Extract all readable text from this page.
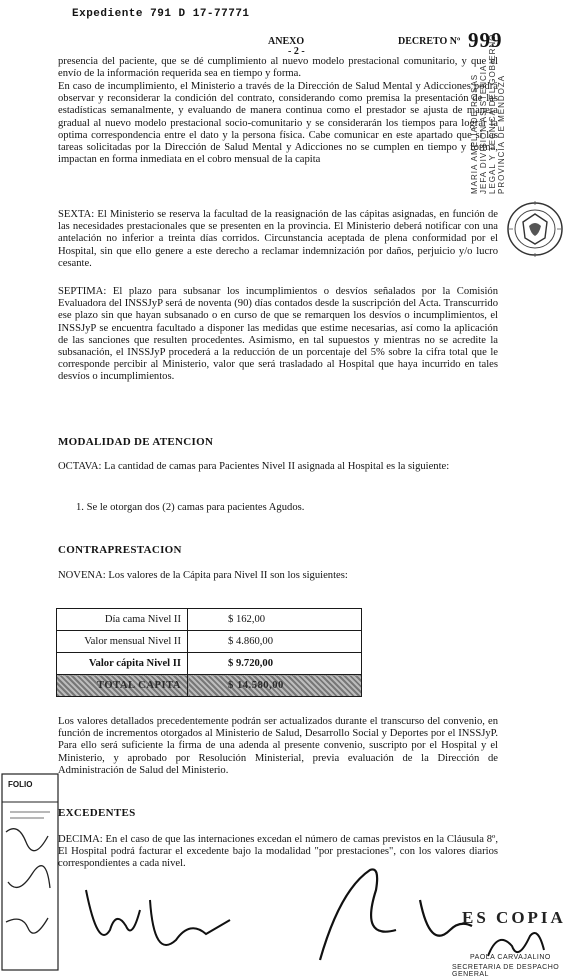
Expediente 791 D 17-77771
ANEXO
- 2 -
DECRETO Nº 999

presencia del paciente, que se dé cumplimiento al nuevo modelo prestacional comunitario, y que el envío de la información requerida sea en tiempo y forma.

En caso de incumplimiento, el Ministerio a través de la Dirección de Salud Mental y Adicciones podrá observar y reconsiderar la condición del contrato, considerando como premisa la presentación de las estadísticas semanalmente, y evaluando de manera continua como el prestador se ajusta de manera gradual al nuevo modelo prestacional socio-comunitario y se considerarán los tiempos para lograr la optima correspondencia entre el dato y la persona física. Cabe comunicar en este apartado que si las tareas solicitadas por la Dirección de Salud Mental y Adicciones no se cumplen en tiempo y forma, impactan en forma inmediata en el cobro mensual de la capita

SEXTA: El Ministerio se reserva la facultad de la reasignación de las cápitas asignadas, en función de las necesidades prestacionales que se presenten en la provincia. El Ministerio deberá notificar con una antelación no inferior a treinta días corridos. Circunstancia aceptada de plena conformidad por el Hospital, sin que ello genere a este derecho a reclamar indemnización por daños, perjuicio y/o lucro cesante.

SEPTIMA: El plazo para subsanar los incumplimientos o desvíos señalados por la Comisión Evaluadora del INSSJyP será de noventa (90) días contados desde la suscripción del Acta. Transcurrido ese plazo sin que hayan subsanado o en curso de que se remarquen los desvíos o incumplimientos, el INSSJyP se encuentra facultado a disponer las medidas que estime necesarias, así como la aplicación de las sanciones que resulten procedentes. Asimismo, en tal supuestos y mientras no se acredite la subsanación, el INSSJyP procederá a la reducción de un porcentaje del 5% sobre la cifra total que le corresponde percibir al Ministerio, valor que será trasladado al Hospital que haya incurrido en tales desvíos o incumplimientos.

MODALIDAD DE ATENCION

OCTAVA: La cantidad de camas para Pacientes Nivel II asignada al Hospital es la siguiente:

1. Se le otorgan dos (2) camas para pacientes Agudos.
CONTRAPRESTACION

NOVENA: Los valores de la Cápita para Nivel II son los siguientes:

Día cama Nivel II	$ 162,00
Valor mensual Nivel II	$ 4.860,00
Valor cápita Nivel II	$ 9.720,00
TOTAL CAPITA	$ 14.580,00

Los valores detallados precedentemente podrán ser actualizados durante el transcurso del convenio, en función de incrementos otorgados al Ministerio de Salud, Desarrollo Social y Deportes por el INSSJyP. Para ello será suficiente la firma de una adenda al presente convenio, suscripto por el Hospital y el Ministerio, y aprobado por Resolución Ministerial, previa evaluación de la Dirección de Administración de Salud del Ministerio.

EXCEDENTES

DECIMA: En el caso de que las internaciones excedan el número de camas previstos en la Cláusula 8º, El Hospital podrá facturar el excedente bajo la modalidad "por prestaciones", con los valores diarios correspondientes a cada nivel.

MARIA AMELIA DE ROSAS JEFA DIVISION ASISTENCIA LEGAL Y TECNICA DEL GOBIERNO PROVINCIA DE MENDOZA
FOLIO
ES COPIA
PAOLA CARVAJALINO
SECRETARIA DE DESPACHO GENERAL
